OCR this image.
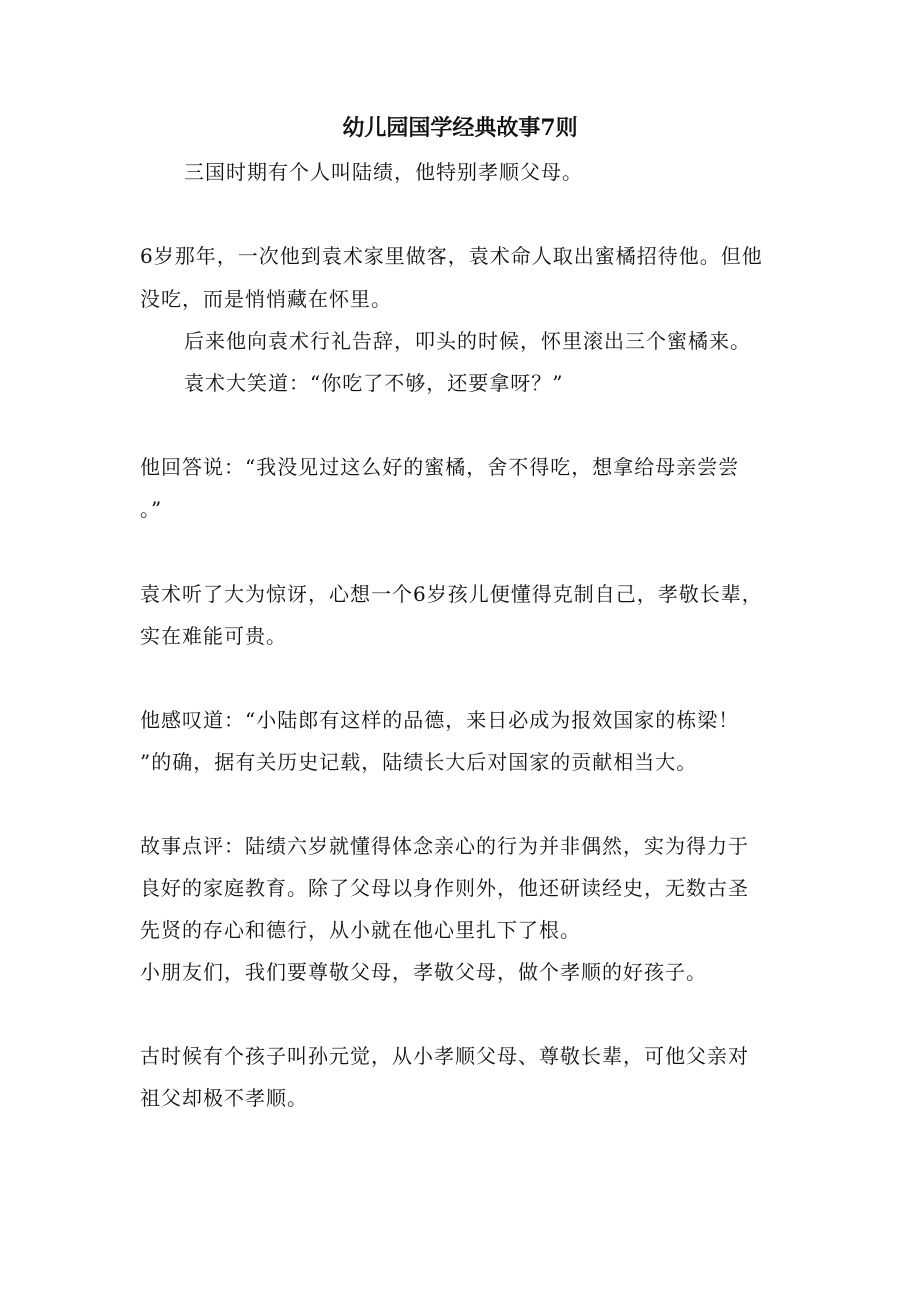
幼儿园国学经典故事7则
三国时期有个人叫陆绩，他特别孝顺父母。
6岁那年，一次他到袁术家里做客，袁术命人取出蜜橘招待他。但他
没吃，而是悄悄藏在怀里。
后来他向袁术行礼告辞，叩头的时候，怀里滚出三个蜜橘来。
袁术大笑道：“你吃了不够，还要拿呀？”
他回答说：“我没见过这么好的蜜橘，舍不得吃，想拿给母亲尝尝
。”
袁术听了大为惊讶，心想一个6岁孩儿便懂得克制自己，孝敬长辈，
实在难能可贵。
他感叹道：“小陆郎有这样的品德，来日必成为报效国家的栋梁！
”的确，据有关历史记载，陆绩长大后对国家的贡献相当大。
故事点评：陆绩六岁就懂得体念亲心的行为并非偶然，实为得力于
良好的家庭教育。除了父母以身作则外，他还研读经史，无数古圣
先贤的存心和德行，从小就在他心里扎下了根。
小朋友们，我们要尊敬父母，孝敬父母，做个孝顺的好孩子。
古时候有个孩子叫孙元觉，从小孝顺父母、尊敬长辈，可他父亲对
祖父却极不孝顺。
